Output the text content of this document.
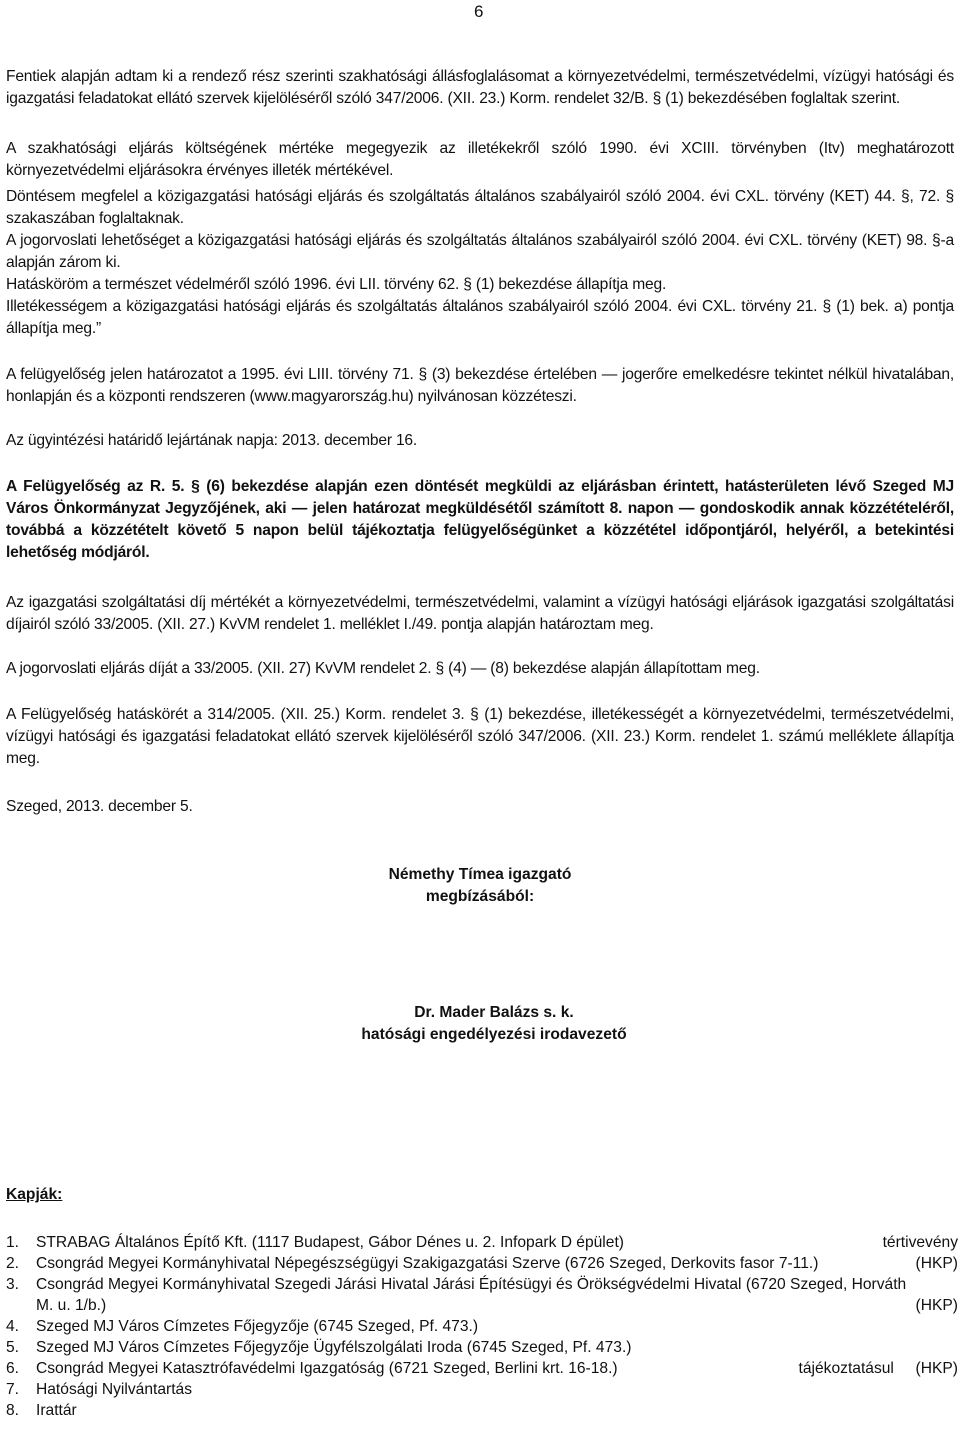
6
Fentiek alapján adtam ki a rendező rész szerinti szakhatósági állásfoglalásomat a környezetvédelmi, természetvédelmi, vízügyi hatósági és igazgatási feladatokat ellátó szervek kijelöléséről szóló 347/2006. (XII. 23.) Korm. rendelet 32/B. § (1) bekezdésében foglaltak szerint.
A szakhatósági eljárás költségének mértéke megegyezik az illetékekről szóló 1990. évi XCIII. törvényben (Itv) meghatározott környezetvédelmi eljárásokra érvényes illeték mértékével.
Döntésem megfelel a közigazgatási hatósági eljárás és szolgáltatás általános szabályairól szóló 2004. évi CXL. törvény (KET) 44. §, 72. § szakaszában foglaltaknak.
A jogorvoslati lehetőséget a közigazgatási hatósági eljárás és szolgáltatás általános szabályairól szóló 2004. évi CXL. törvény (KET) 98. §-a alapján zárom ki.
Hatásköröm a természet védelméről szóló 1996. évi LII. törvény 62. § (1) bekezdése állapítja meg.
Illetékességem a közigazgatási hatósági eljárás és szolgáltatás általános szabályairól szóló 2004. évi CXL. törvény 21. § (1) bek. a) pontja állapítja meg.”
A felügyelőség jelen határozatot a 1995. évi LIII. törvény 71. § (3) bekezdése értelében — jogerőre emelkedésre tekintet nélkül hivatalában, honlapján és a központi rendszeren (www.magyarország.hu) nyilvánosan közzéteszi.
Az ügyintézési határidő lejártának napja: 2013. december 16.
A Felügyelőség az R. 5. § (6) bekezdése alapján ezen döntését megküldi az eljárásban érintett, hatásterületen lévő Szeged MJ Város Önkormányzat Jegyzőjének, aki — jelen határozat megküldésétől számított 8. napon — gondoskodik annak közzétételéről, továbbá a közzétételt követő 5 napon belül tájékoztatja felügyelőségünket a közzététel időpontjáról, helyéről, a betekintési lehetőség módjáról.
Az igazgatási szolgáltatási díj mértékét a környezetvédelmi, természetvédelmi, valamint a vízügyi hatósági eljárások igazgatási szolgáltatási díjairól szóló 33/2005. (XII. 27.) KvVM rendelet 1. melléklet I./49. pontja alapján határoztam meg.
A jogorvoslati eljárás díját a 33/2005. (XII. 27) KvVM rendelet 2. § (4) — (8) bekezdése alapján állapítottam meg.
A Felügyelőség hatáskörét a 314/2005. (XII. 25.) Korm. rendelet 3. § (1) bekezdése, illetékességét a környezetvédelmi, természetvédelmi, vízügyi hatósági és igazgatási feladatokat ellátó szervek kijelöléséről szóló 347/2006. (XII. 23.) Korm. rendelet 1. számú melléklete állapítja meg.
Szeged, 2013. december 5.
Némethy Tímea igazgató
megbízásából:
Dr. Mader Balázs s. k.
hatósági engedélyezési irodavezető
Kapják:
1. STRABAG Általános Építő Kft. (1117 Budapest, Gábor Dénes u. 2. Infopark D épület)	tértivevény
2. Csongrád Megyei Kormányhivatal Népegészségügyi Szakigazgatási Szerve (6726 Szeged, Derkovits fasor 7-11.)	(HKP)
3. Csongrád Megyei Kormányhivatal Szegedi Járási Hivatal Járási Építésügyi és Örökségvédelmi Hivatal (6720 Szeged, Horváth
M. u. 1/b.)	(HKP)
4. Szeged MJ Város Címzetes Főjegyzője (6745 Szeged, Pf. 473.)
5. Szeged MJ Város Címzetes Főjegyzője Ügyfélszolgálati Iroda (6745 Szeged, Pf. 473.)
6. Csongrád Megyei Katasztrófavédelmi Igazgatóság (6721 Szeged, Berlini krt. 16-18.)	tájékoztatásul     (HKP)
7. Hatósági Nyilvántartás
8. Irattár
